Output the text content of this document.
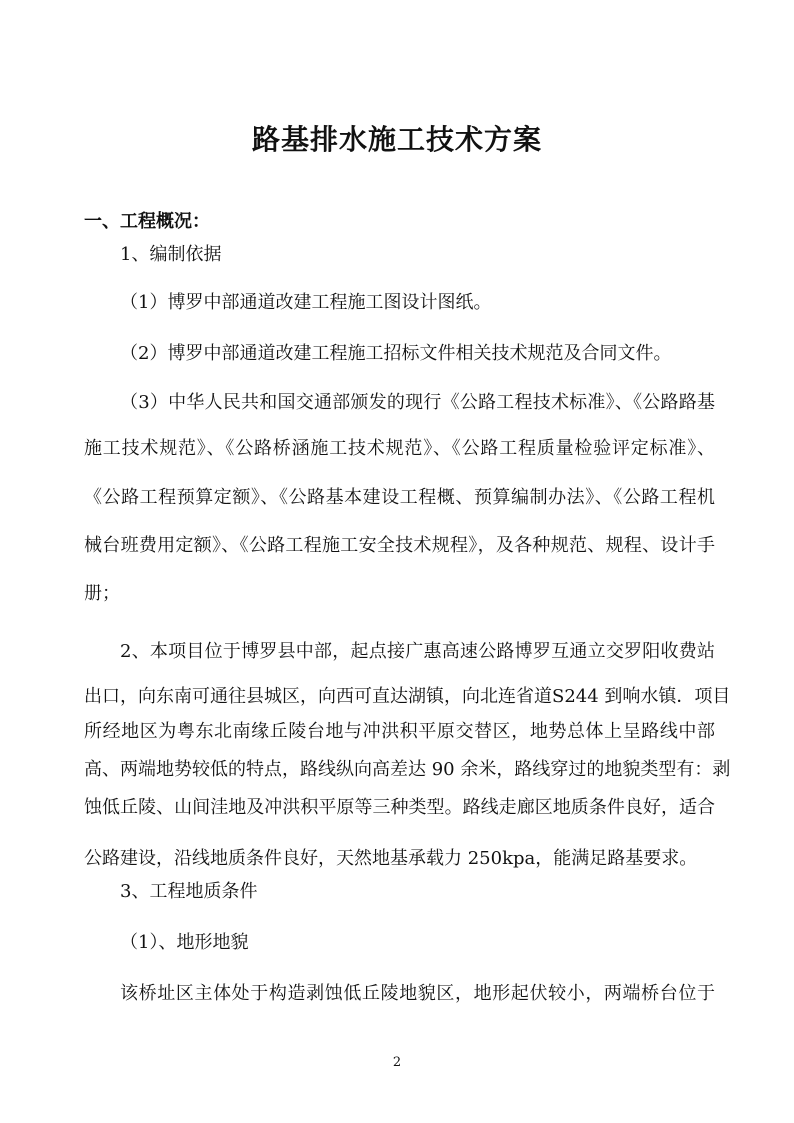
路基排水施工技术方案
一、工程概况：
1、编制依据
（1）博罗中部通道改建工程施工图设计图纸。
（2）博罗中部通道改建工程施工招标文件相关技术规范及合同文件。
（3）中华人民共和国交通部颁发的现行《公路工程技术标准》、《公路路基
施工技术规范》、《公路桥涵施工技术规范》、《公路工程质量检验评定标准》、
《公路工程预算定额》、《公路基本建设工程概、预算编制办法》、《公路工程机
械台班费用定额》、《公路工程施工安全技术规程》，及各种规范、规程、设计手
册；
2、本项目位于博罗县中部，起点接广惠高速公路博罗互通立交罗阳收费站
出口，向东南可通往县城区，向西可直达湖镇，向北连省道S244 到响水镇．项目
所经地区为粤东北南缘丘陵台地与冲洪积平原交替区，地势总体上呈路线中部
高、两端地势较低的特点，路线纵向高差达 90 余米，路线穿过的地貌类型有：剥
蚀低丘陵、山间洼地及冲洪积平原等三种类型。路线走廊区地质条件良好，适合
公路建设，沿线地质条件良好，天然地基承载力 250kpa，能满足路基要求。
3、工程地质条件
（1）、地形地貌
该桥址区主体处于构造剥蚀低丘陵地貌区，地形起伏较小，两端桥台位于
2
